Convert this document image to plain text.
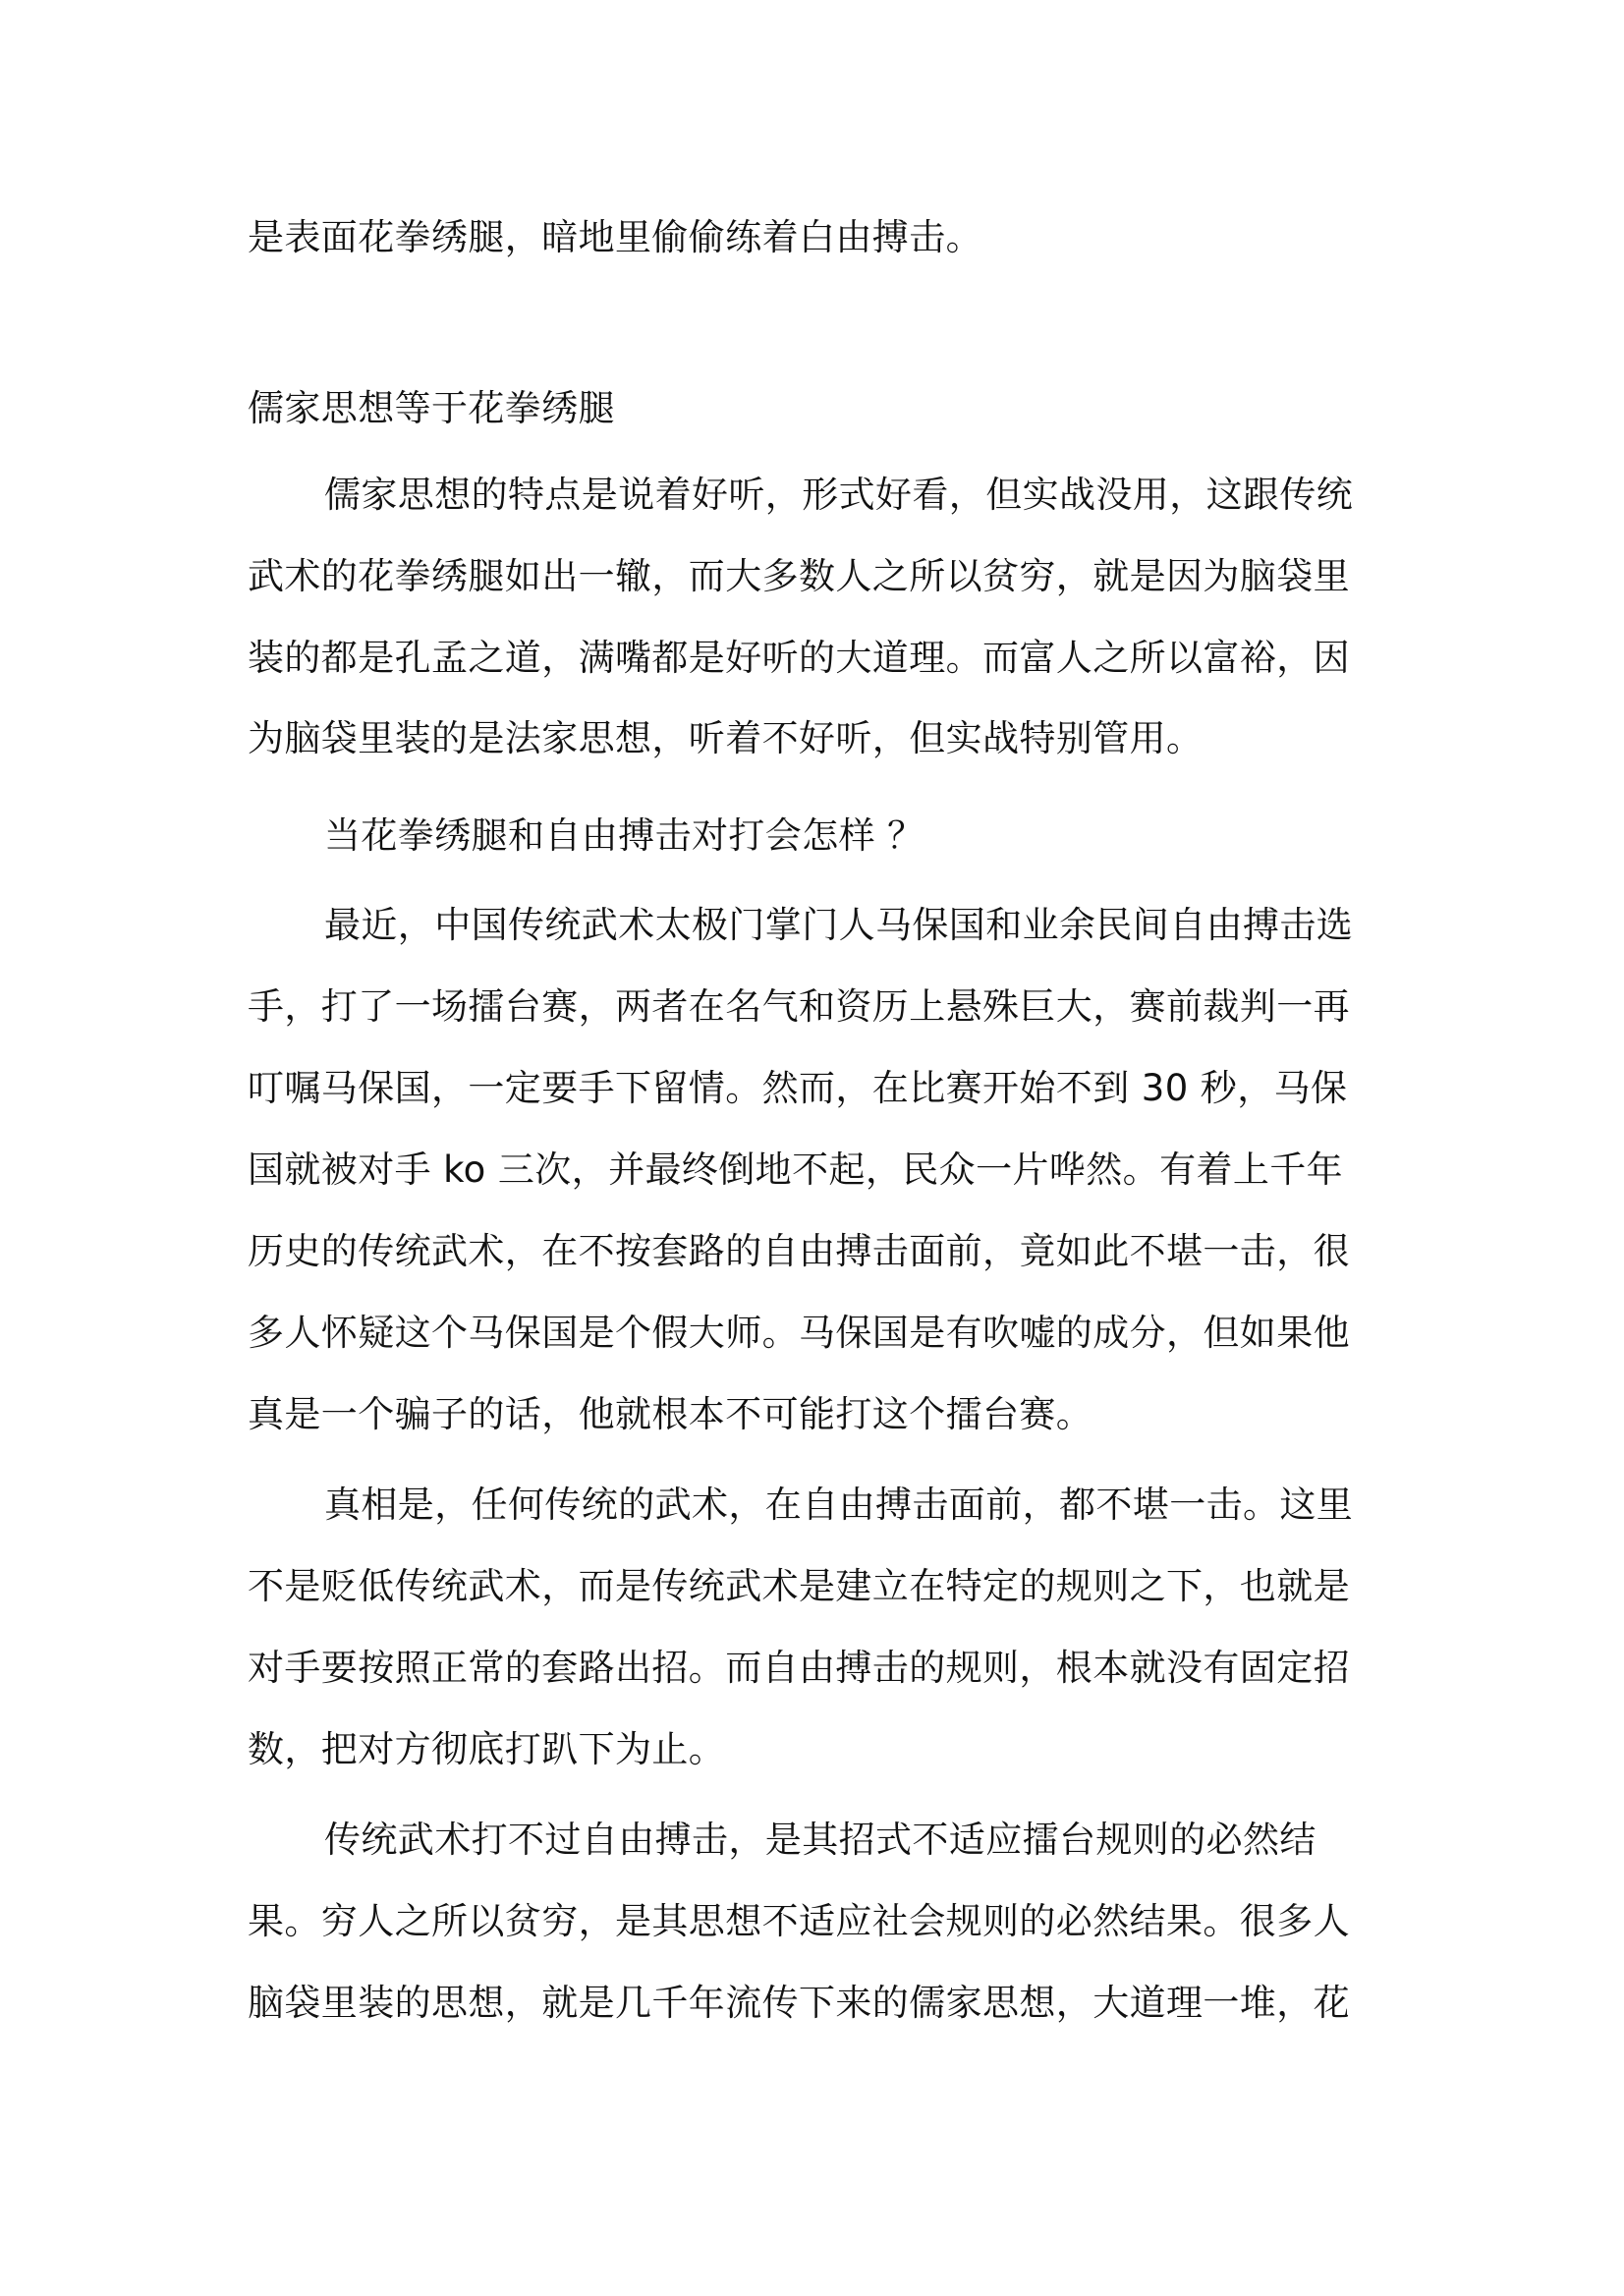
是表面花拳绣腿，暗地里偷偷练着白由搏击。
儒家思想等于花拳绣腿
儒家思想的特点是说着好听，形式好看，但实战没用，这跟传统
武术的花拳绣腿如出一辙，而大多数人之所以贫穷，就是因为脑袋里
装的都是孔孟之道，满嘴都是好听的大道理。而富人之所以富裕，因
为脑袋里装的是法家思想，听着不好听，但实战特别管用。
当花拳绣腿和自由搏击对打会怎样 ？
最近，中国传统武术太极门掌门人马保国和业余民间自由搏击选
手，打了一场擂台赛，两者在名气和资历上悬殊巨大，赛前裁判一再
叮嘱马保国，一定要手下留情。然而，在比赛开始不到 30 秒，马保
国就被对手 ko 三次，并最终倒地不起，民众一片哗然。有着上千年
历史的传统武术，在不按套路的自由搏击面前，竟如此不堪一击，很
多人怀疑这个马保国是个假大师。马保国是有吹嘘的成分，但如果他
真是一个骗子的话，他就根本不可能打这个擂台赛。
真相是，任何传统的武术，在自由搏击面前，都不堪一击。这里
不是贬低传统武术，而是传统武术是建立在特定的规则之下，也就是
对手要按照正常的套路出招。而自由搏击的规则，根本就没有固定招
数，把对方彻底打趴下为止。
传统武术打不过自由搏击，是其招式不适应擂台规则的必然结
果。穷人之所以贫穷，是其思想不适应社会规则的必然结果。很多人
脑袋里装的思想，就是几千年流传下来的儒家思想，大道理一堆，花
